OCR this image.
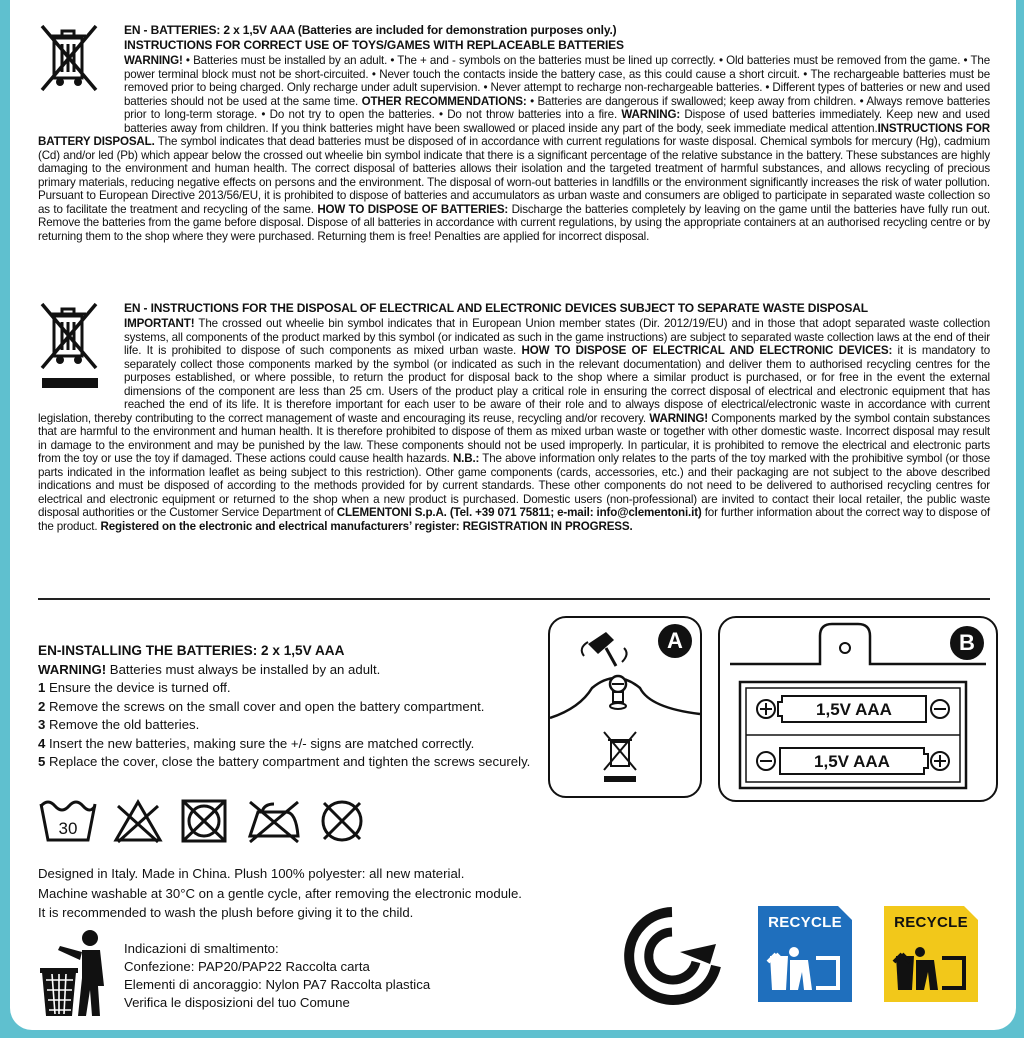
EN - BATTERIES: 2 x 1,5V AAA (Batteries are included for demonstration purposes only.)
INSTRUCTIONS FOR CORRECT USE OF TOYS/GAMES WITH REPLACEABLE BATTERIES
WARNING! • Batteries must be installed by an adult. • The + and - symbols on the batteries must be lined up correctly. • Old batteries must be removed from the game. • The power terminal block must not be short-circuited. • Never touch the contacts inside the battery case, as this could cause a short circuit. • The rechargeable batteries must be removed prior to being charged. Only recharge under adult supervision. • Never attempt to recharge non-rechargeable batteries. • Different types of batteries or new and used batteries should not be used at the same time. OTHER RECOMMENDATIONS: • Batteries are dangerous if swallowed; keep away from children. • Always remove batteries prior to long-term storage. • Do not try to open the batteries. • Do not throw batteries into a fire. WARNING: Dispose of used batteries immediately. Keep new and used batteries away from children. If you think batteries might have been swallowed or placed inside any part of the body, seek immediate medical attention.INSTRUCTIONS FOR BATTERY DISPOSAL. The symbol indicates that dead batteries must be disposed of in accordance with current regulations for waste disposal. Chemical symbols for mercury (Hg), cadmium (Cd) and/or led (Pb) which appear below the crossed out wheelie bin symbol indicate that there is a significant percentage of the relative substance in the battery. These substances are highly damaging to the environment and human health. The correct disposal of batteries allows their isolation and the targeted treatment of harmful substances, and allows recycling of precious primary materials, reducing negative effects on persons and the environment. The disposal of worn-out batteries in landfills or the environment significantly increases the risk of water pollution. Pursuant to European Directive 2013/56/EU, it is prohibited to dispose of batteries and accumulators as urban waste and consumers are obliged to participate in separated waste collection so as to facilitate the treatment and recycling of the same. HOW TO DISPOSE OF BATTERIES: Discharge the batteries completely by leaving on the game until the batteries have fully run out. Remove the batteries from the game before disposal. Dispose of all batteries in accordance with current regulations, by using the appropriate containers at an authorised recycling centre or by returning them to the shop where they were purchased. Returning them is free! Penalties are applied for incorrect disposal.
EN - INSTRUCTIONS FOR THE DISPOSAL OF ELECTRICAL AND ELECTRONIC DEVICES SUBJECT TO SEPARATE WASTE DISPOSAL
IMPORTANT! The crossed out wheelie bin symbol indicates that in European Union member states (Dir. 2012/19/EU) and in those that adopt separated waste collection systems, all components of the product marked by this symbol (or indicated as such in the game instructions) are subject to separated waste collection laws at the end of their life. It is prohibited to dispose of such components as mixed urban waste. HOW TO DISPOSE OF ELECTRICAL AND ELECTRONIC DEVICES: it is mandatory to separately collect those components marked by the symbol (or indicated as such in the relevant documentation) and deliver them to authorised recycling centres for the purposes established, or where possible, to return the product for disposal back to the shop where a similar product is purchased, or for free in the event the external dimensions of the component are less than 25 cm. Users of the product play a critical role in ensuring the correct disposal of electrical and electronic equipment that has reached the end of its life. It is therefore important for each user to be aware of their role and to always dispose of electrical/electronic waste in accordance with current legislation, thereby contributing to the correct management of waste and encouraging its reuse, recycling and/or recovery. WARNING! Components marked by the symbol contain substances that are harmful to the environment and human health. It is therefore prohibited to dispose of them as mixed urban waste or together with other domestic waste. Incorrect disposal may result in damage to the environment and may be punished by the law. These components should not be used improperly. In particular, it is prohibited to remove the electrical and electronic parts from the toy or use the toy if damaged. These actions could cause health hazards. N.B.: The above information only relates to the parts of the toy marked with the prohibitive symbol (or those parts indicated in the information leaflet as being subject to this restriction). Other game components (cards, accessories, etc.) and their packaging are not subject to the above described indications and must be disposed of according to the methods provided for by current standards. These other components do not need to be delivered to authorised recycling centres for electrical and electronic equipment or returned to the shop when a new product is purchased. Domestic users (non-professional) are invited to contact their local retailer, the public waste disposal authorities or the Customer Service Department of CLEMENTONI S.p.A. (Tel. +39 071 75811; e-mail: info@clementoni.it) for further information about the correct way to dispose of the product. Registered on the electronic and electrical manufacturers’ register: REGISTRATION IN PROGRESS.
EN-INSTALLING THE BATTERIES: 2 x 1,5V AAA
WARNING! Batteries must always be installed by an adult.
1 Ensure the device is turned off.
2 Remove the screws on the small cover and open the battery compartment.
3 Remove the old batteries.
4 Insert the new batteries, making sure the +/- signs are matched correctly.
5 Replace the cover, close the battery compartment and tighten the screws securely.
30
Designed in Italy. Made in China. Plush 100% polyester: all new material.
Machine washable at 30°C on a gentle cycle, after removing the electronic module.
It is recommended to wash the plush before giving it to the child.
Indicazioni di smaltimento:
Confezione: PAP20/PAP22 Raccolta carta
Elementi di ancoraggio: Nylon PA7 Raccolta plastica
Verifica le disposizioni del tuo Comune
A	B
1,5V AAA
1,5V AAA
RECYCLE	RECYCLE
